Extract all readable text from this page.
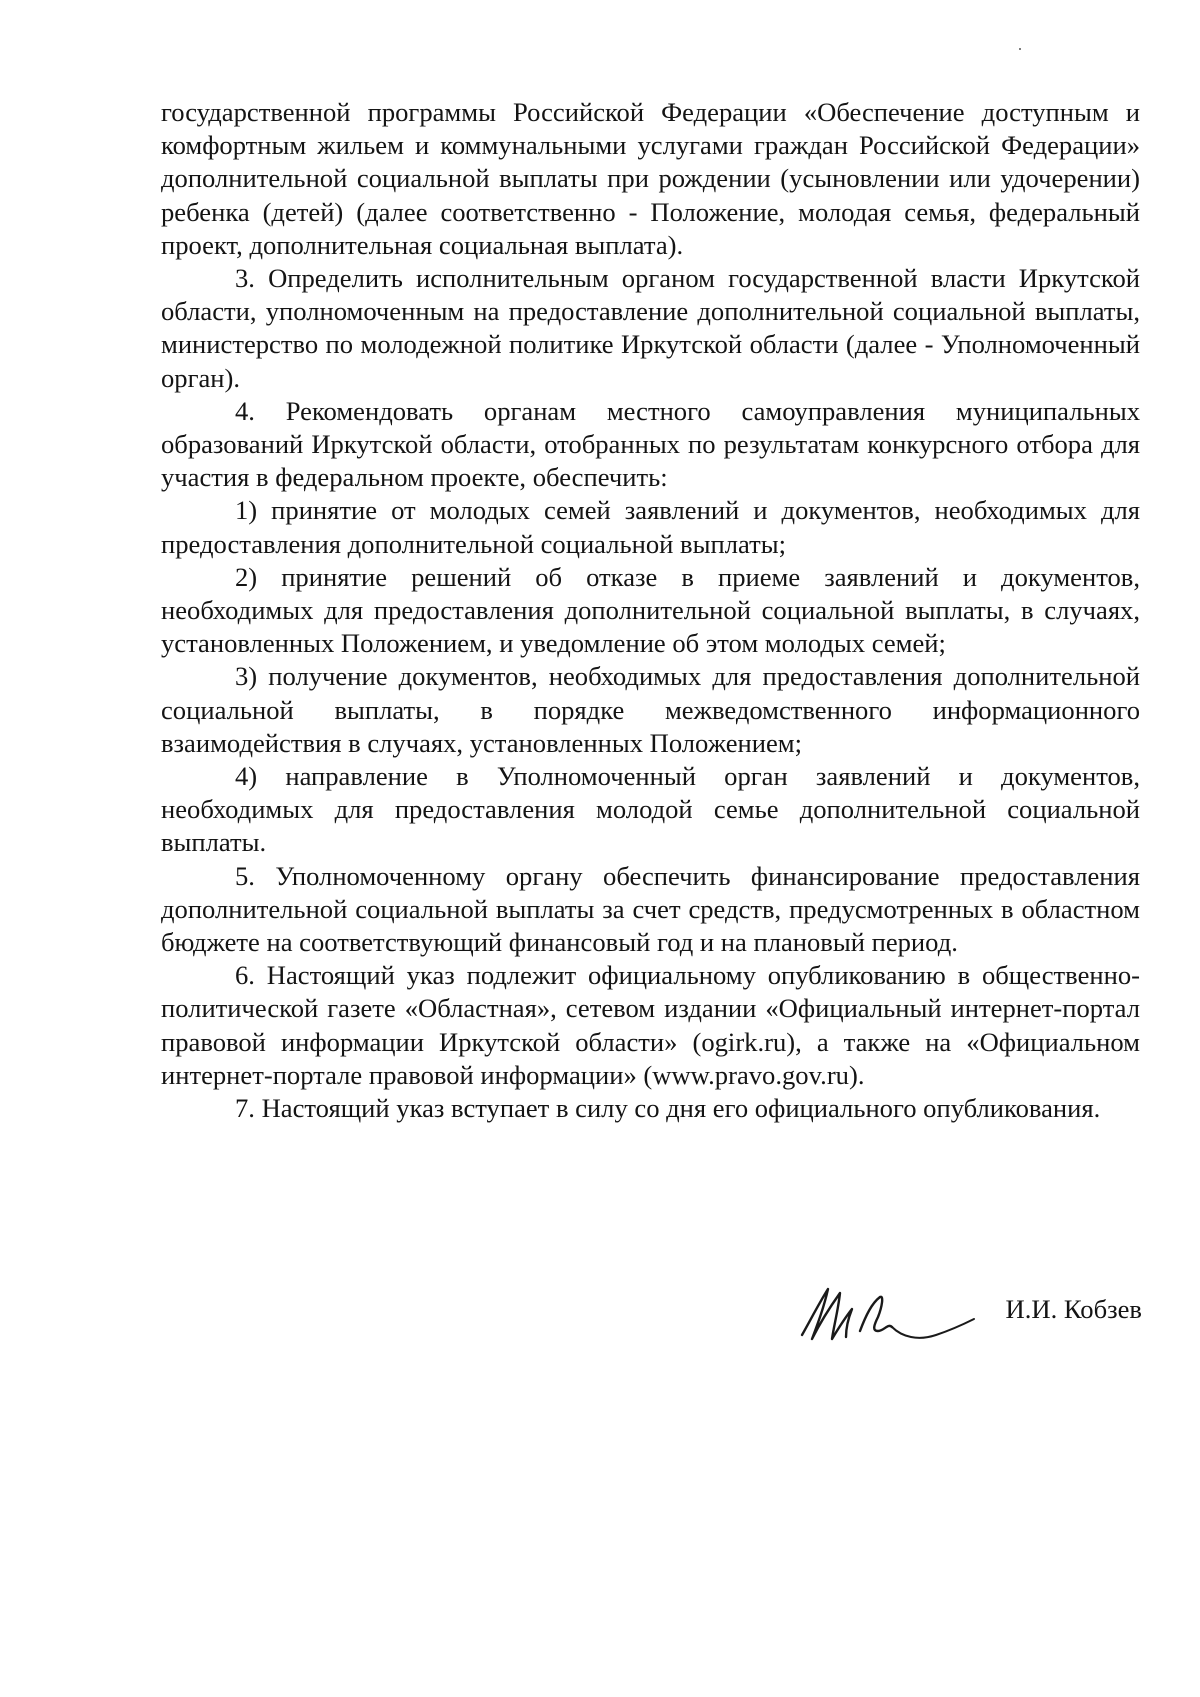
государственной программы Российской Федерации «Обеспечение доступным и комфортным жильем и коммунальными услугами граждан Российской Федерации» дополнительной социальной выплаты при рождении (усыновлении или удочерении) ребенка (детей) (далее соответственно - Положение, молодая семья, федеральный проект, дополнительная социальная выплата).

3. Определить исполнительным органом государственной власти Иркутской области, уполномоченным на предоставление дополнительной социальной выплаты, министерство по молодежной политике Иркутской области (далее - Уполномоченный орган).

4. Рекомендовать органам местного самоуправления муниципальных образований Иркутской области, отобранных по результатам конкурсного отбора для участия в федеральном проекте, обеспечить:

1) принятие от молодых семей заявлений и документов, необходимых для предоставления дополнительной социальной выплаты;

2) принятие решений об отказе в приеме заявлений и документов, необходимых для предоставления дополнительной социальной выплаты, в случаях, установленных Положением, и уведомление об этом молодых семей;

3) получение документов, необходимых для предоставления дополнительной социальной выплаты, в порядке межведомственного информационного взаимодействия в случаях, установленных Положением;

4) направление в Уполномоченный орган заявлений и документов, необходимых для предоставления молодой семье дополнительной социальной выплаты.

5. Уполномоченному органу обеспечить финансирование предоставления дополнительной социальной выплаты за счет средств, предусмотренных в областном бюджете на соответствующий финансовый год и на плановый период.

6. Настоящий указ подлежит официальному опубликованию в общественно-политической газете «Областная», сетевом издании «Официальный интернет-портал правовой информации Иркутской области» (ogirk.ru), а также на «Официальном интернет-портале правовой информации» (www.pravo.gov.ru).

7. Настоящий указ вступает в силу со дня его официального опубликования.

И.И. Кобзев
